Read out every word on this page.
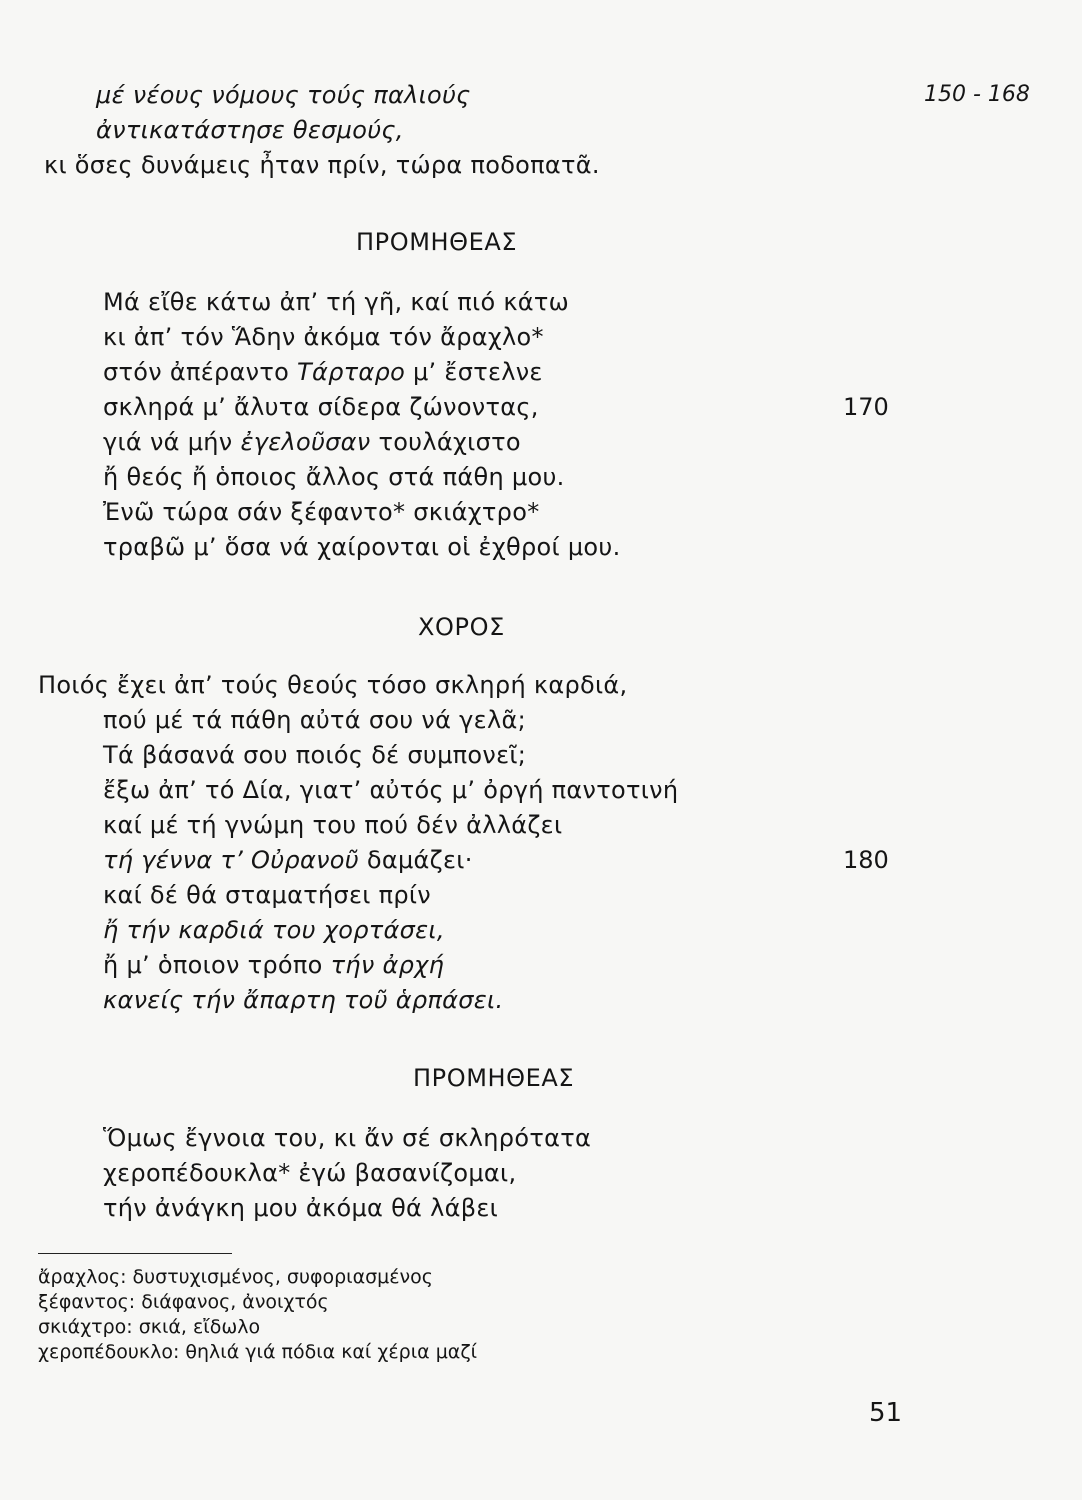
150 - 168
μέ νέους νόμους τούς παλιούς
ἀντικατάστησε θεσμούς,
κι ὅσες δυνάμεις ἦταν πρίν, τώρα ποδοπατᾶ.
ΠΡΟΜΗΘΕΑΣ
Μά εἴθε κάτω ἀπ’ τή γῆ, καί πιό κάτω
κι ἀπ’ τόν Ἅδην ἀκόμα τόν ἄραχλο*
στόν ἀπέραντο Τάρταρο μ’ ἔστελνε
σκληρά μ’ ἄλυτα σίδερα ζώνοντας,	170
γιά νά μήν ἐγελοῦσαν τουλάχιστο
ἤ θεός ἤ ὁποιος ἄλλος στά πάθη μου.
Ἐνῶ τώρα σάν ξέφαντο* σκιάχτρο*
τραβῶ μ’ ὅσα νά χαίρονται οἱ ἐχθροί μου.
ΧΟΡΟΣ
Ποιός ἔχει ἀπ’ τούς θεούς τόσο σκληρή καρδιά,
πού μέ τά πάθη αὐτά σου νά γελᾶ;
Τά βάσανά σου ποιός δέ συμπονεῖ;
ἔξω ἀπ’ τό Δία, γιατ’ αὐτός μ’ ὀργή παντοτινή
καί μέ τή γνώμη του πού δέν ἀλλάζει
τή γέννα τ’ Οὐρανοῦ δαμάζει·	180
καί δέ θά σταματήσει πρίν
ἤ τήν καρδιά του χορτάσει,
ἤ μ’ ὁποιον τρόπο τήν ἀρχή
κανείς τήν ἄπαρτη τοῦ ἁρπάσει.
ΠΡΟΜΗΘΕΑΣ
Ὅμως ἔγνοια του, κι ἄν σέ σκληρότατα
χεροπέδουκλα* ἐγώ βασανίζομαι,
τήν ἀνάγκη μου ἀκόμα θά λάβει
ἄραχλος: δυστυχισμένος, συφοριασμένος
ξέφαντος: διάφανος, ἀνοιχτός
σκιάχτρο: σκιά, εἴδωλο
χεροπέδουκλο: θηλιά γιά πόδια καί χέρια μαζί
51
